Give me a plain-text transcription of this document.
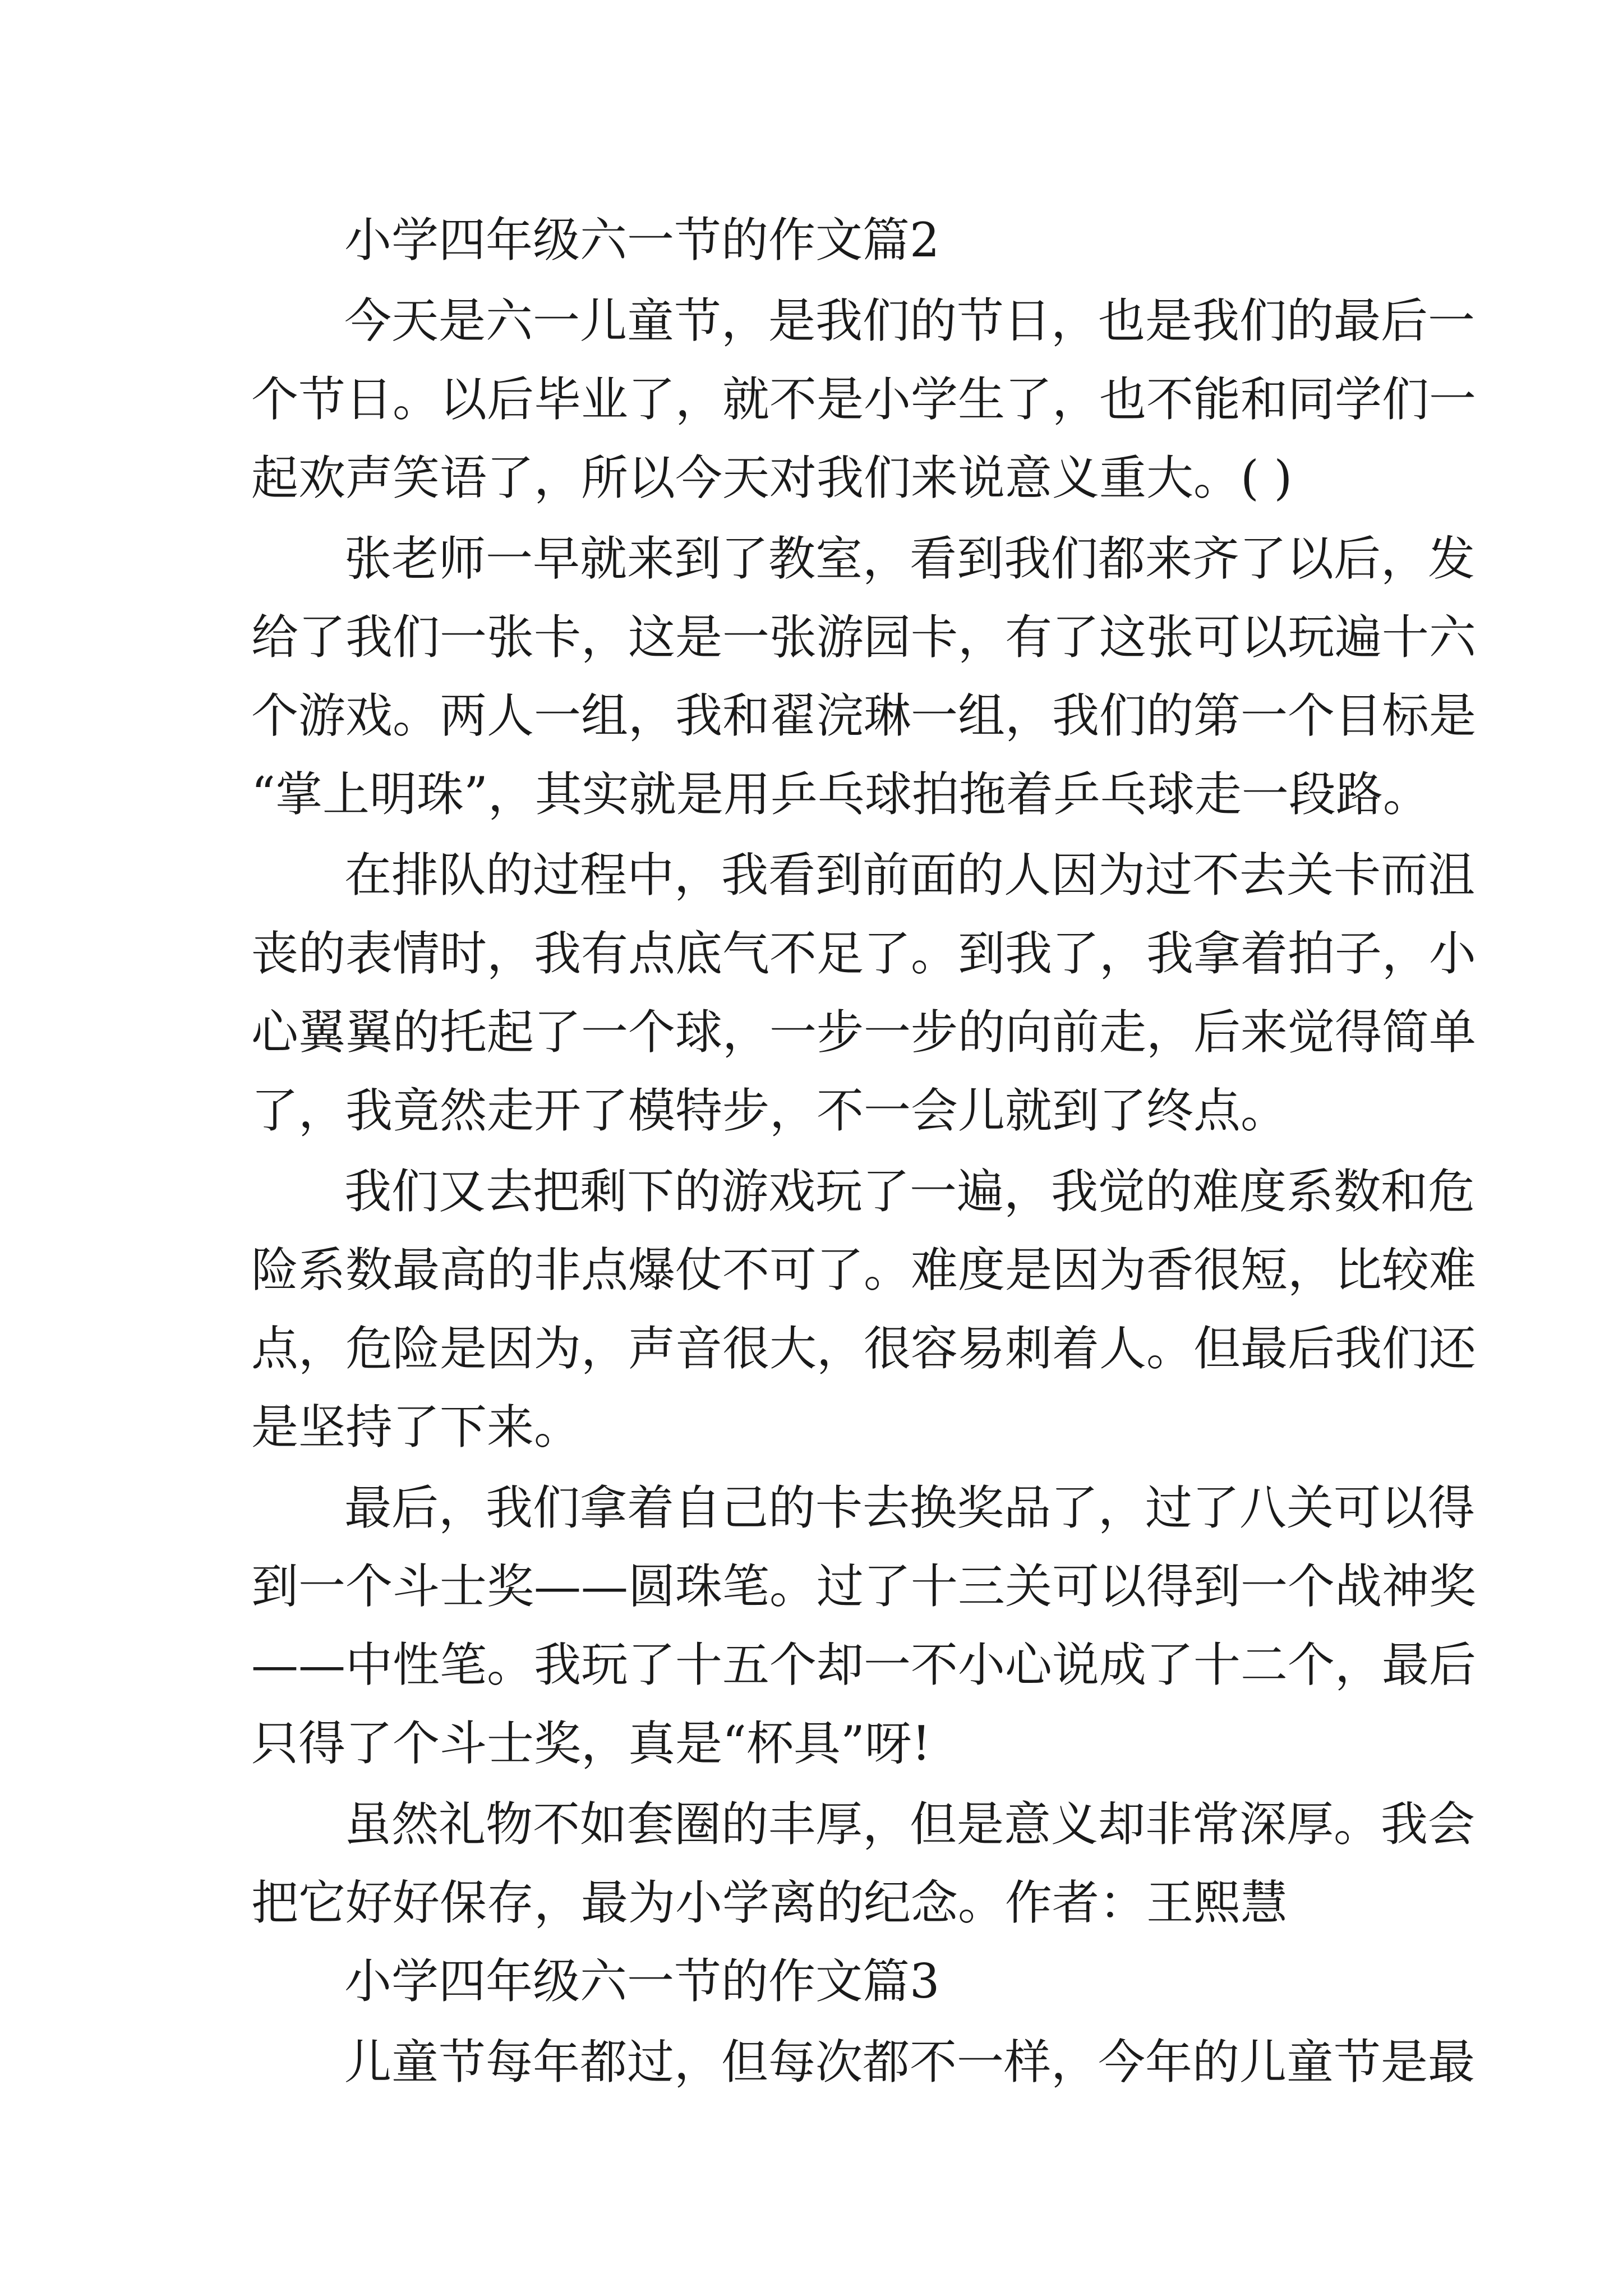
小学四年级六一节的作文篇2
今天是六一儿童节，是我们的节日，也是我们的最后一
个节日。以后毕业了，就不是小学生了，也不能和同学们一
起欢声笑语了，所以今天对我们来说意义重大。( )
张老师一早就来到了教室，看到我们都来齐了以后，发
给了我们一张卡，这是一张游园卡，有了这张可以玩遍十六
个游戏。两人一组，我和翟浣琳一组，我们的第一个目标是
“掌上明珠”，其实就是用乒乓球拍拖着乒乓球走一段路。
在排队的过程中，我看到前面的人因为过不去关卡而沮
丧的表情时，我有点底气不足了。到我了，我拿着拍子，小
心翼翼的托起了一个球，一步一步的向前走，后来觉得简单
了，我竟然走开了模特步，不一会儿就到了终点。
我们又去把剩下的游戏玩了一遍，我觉的难度系数和危
险系数最高的非点爆仗不可了。难度是因为香很短，比较难
点，危险是因为，声音很大，很容易刺着人。但最后我们还
是坚持了下来。
最后，我们拿着自己的卡去换奖品了，过了八关可以得
到一个斗士奖——圆珠笔。过了十三关可以得到一个战神奖
——中性笔。我玩了十五个却一不小心说成了十二个，最后
只得了个斗士奖，真是“杯具”呀!
虽然礼物不如套圈的丰厚，但是意义却非常深厚。我会
把它好好保存，最为小学离的纪念。作者：王熙慧
小学四年级六一节的作文篇3
儿童节每年都过，但每次都不一样，今年的儿童节是最
